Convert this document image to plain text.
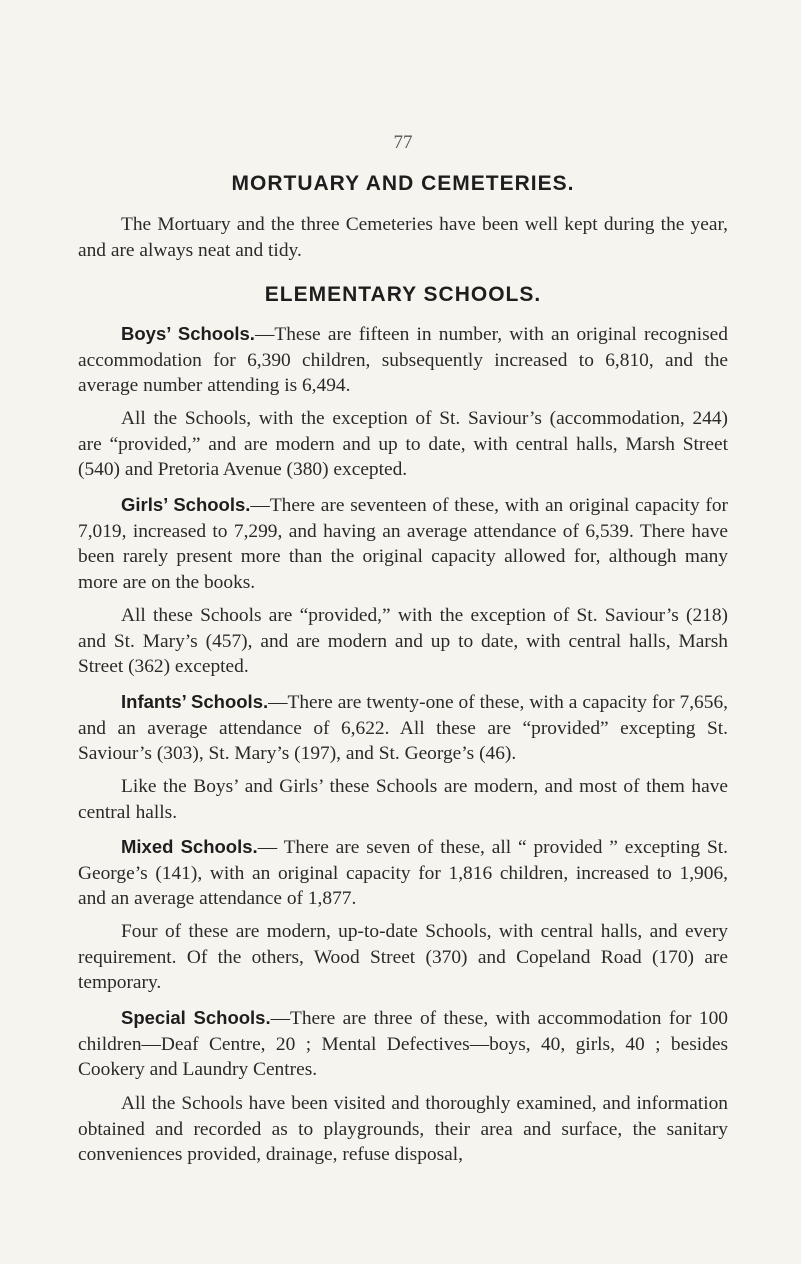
77
MORTUARY AND CEMETERIES.

The Mortuary and the three Cemeteries have been well kept during the year, and are always neat and tidy.

ELEMENTARY SCHOOLS.

Boys’ Schools.—These are fifteen in number, with an original recognised accommodation for 6,390 children, subsequently increased to 6,810, and the average number attending is 6,494.

All the Schools, with the exception of St. Saviour’s (accommodation, 244) are “provided,” and are modern and up to date, with central halls, Marsh Street (540) and Pretoria Avenue (380) excepted.

Girls’ Schools.—There are seventeen of these, with an original capacity for 7,019, increased to 7,299, and having an average attendance of 6,539. There have been rarely present more than the original capacity allowed for, although many more are on the books.

All these Schools are “provided,” with the exception of St. Saviour’s (218) and St. Mary’s (457), and are modern and up to date, with central halls, Marsh Street (362) excepted.

Infants’ Schools.—There are twenty-one of these, with a capacity for 7,656, and an average attendance of 6,622. All these are “provided” excepting St. Saviour’s (303), St. Mary’s (197), and St. George’s (46).

Like the Boys’ and Girls’ these Schools are modern, and most of them have central halls.

Mixed Schools.— There are seven of these, all “ provided ” excepting St. George’s (141), with an original capacity for 1,816 children, increased to 1,906, and an average attendance of 1,877.

Four of these are modern, up-to-date Schools, with central halls, and every requirement. Of the others, Wood Street (370) and Copeland Road (170) are temporary.

Special Schools.—There are three of these, with accommodation for 100 children—Deaf Centre, 20 ; Mental Defectives—boys, 40, girls, 40 ; besides Cookery and Laundry Centres.

All the Schools have been visited and thoroughly examined, and information obtained and recorded as to playgrounds, their area and surface, the sanitary conveniences provided, drainage, refuse disposal,
